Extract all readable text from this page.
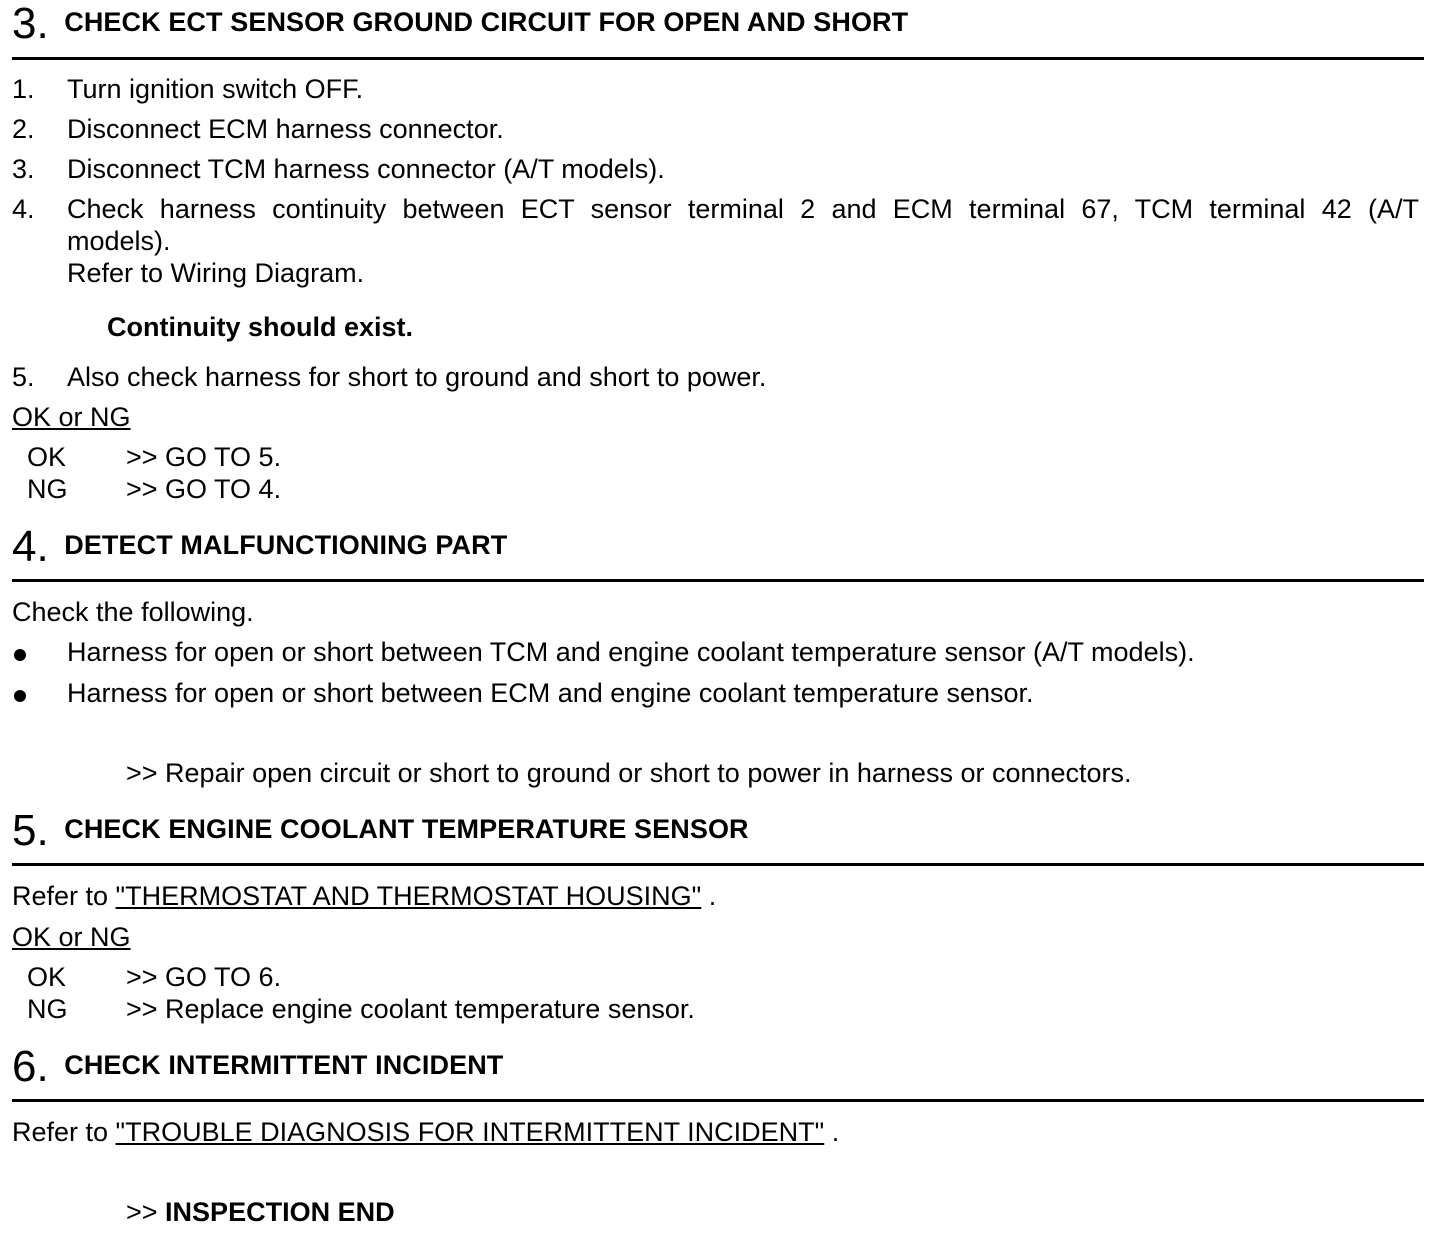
3. CHECK ECT SENSOR GROUND CIRCUIT FOR OPEN AND SHORT
1. Turn ignition switch OFF.
2. Disconnect ECM harness connector.
3. Disconnect TCM harness connector (A/T models).
4. Check harness continuity between ECT sensor terminal 2 and ECM terminal 67, TCM terminal 42 (A/T
models).
Refer to Wiring Diagram.
Continuity should exist.
5. Also check harness for short to ground and short to power.
OK or NG
OK >> GO TO 5.
NG >> GO TO 4.
4. DETECT MALFUNCTIONING PART
Check the following.
Harness for open or short between TCM and engine coolant temperature sensor (A/T models).
Harness for open or short between ECM and engine coolant temperature sensor.
>> Repair open circuit or short to ground or short to power in harness or connectors.
5. CHECK ENGINE COOLANT TEMPERATURE SENSOR
Refer to "THERMOSTAT AND THERMOSTAT HOUSING" .
OK or NG
OK >> GO TO 6.
NG >> Replace engine coolant temperature sensor.
6. CHECK INTERMITTENT INCIDENT
Refer to "TROUBLE DIAGNOSIS FOR INTERMITTENT INCIDENT" .
>> INSPECTION END
